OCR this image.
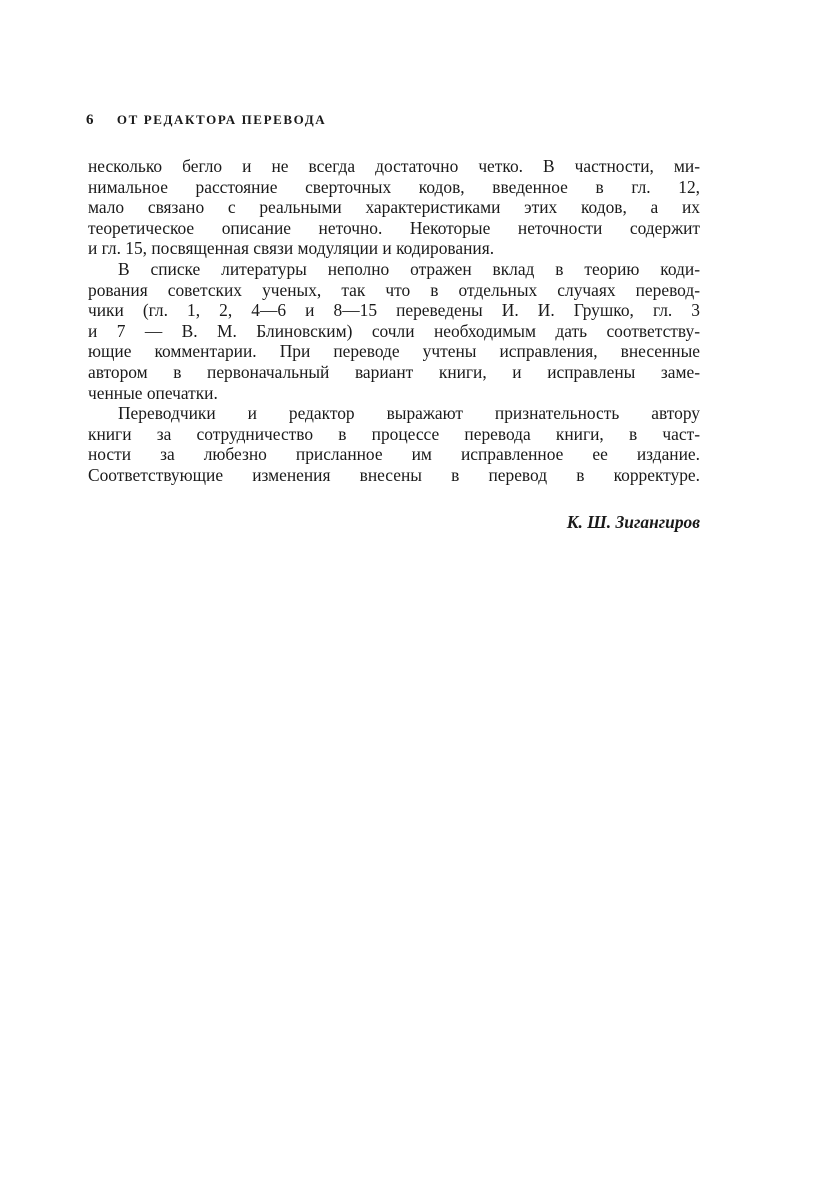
6 ОТ РЕДАКТОРА ПЕРЕВОДА
несколько бегло и не всегда достаточно четко. В частности, ми-
нимальное расстояние сверточных кодов, введенное в гл. 12,
мало связано с реальными характеристиками этих кодов, а их
теоретическое описание неточно. Некоторые неточности содержит
и гл. 15, посвященная связи модуляции и кодирования.
В списке литературы неполно отражен вклад в теорию коди-
рования советских ученых, так что в отдельных случаях перевод-
чики (гл. 1, 2, 4—6 и 8—15 переведены И. И. Грушко, гл. 3
и 7 — В. М. Блиновским) сочли необходимым дать соответству-
ющие комментарии. При переводе учтены исправления, внесенные
автором в первоначальный вариант книги, и исправлены заме-
ченные опечатки.
Переводчики и редактор выражают признательность автору
книги за сотрудничество в процессе перевода книги, в част-
ности за любезно присланное им исправленное ее издание.
Соответствующие изменения внесены в перевод в корректуре.
К. Ш. Зигангиров
